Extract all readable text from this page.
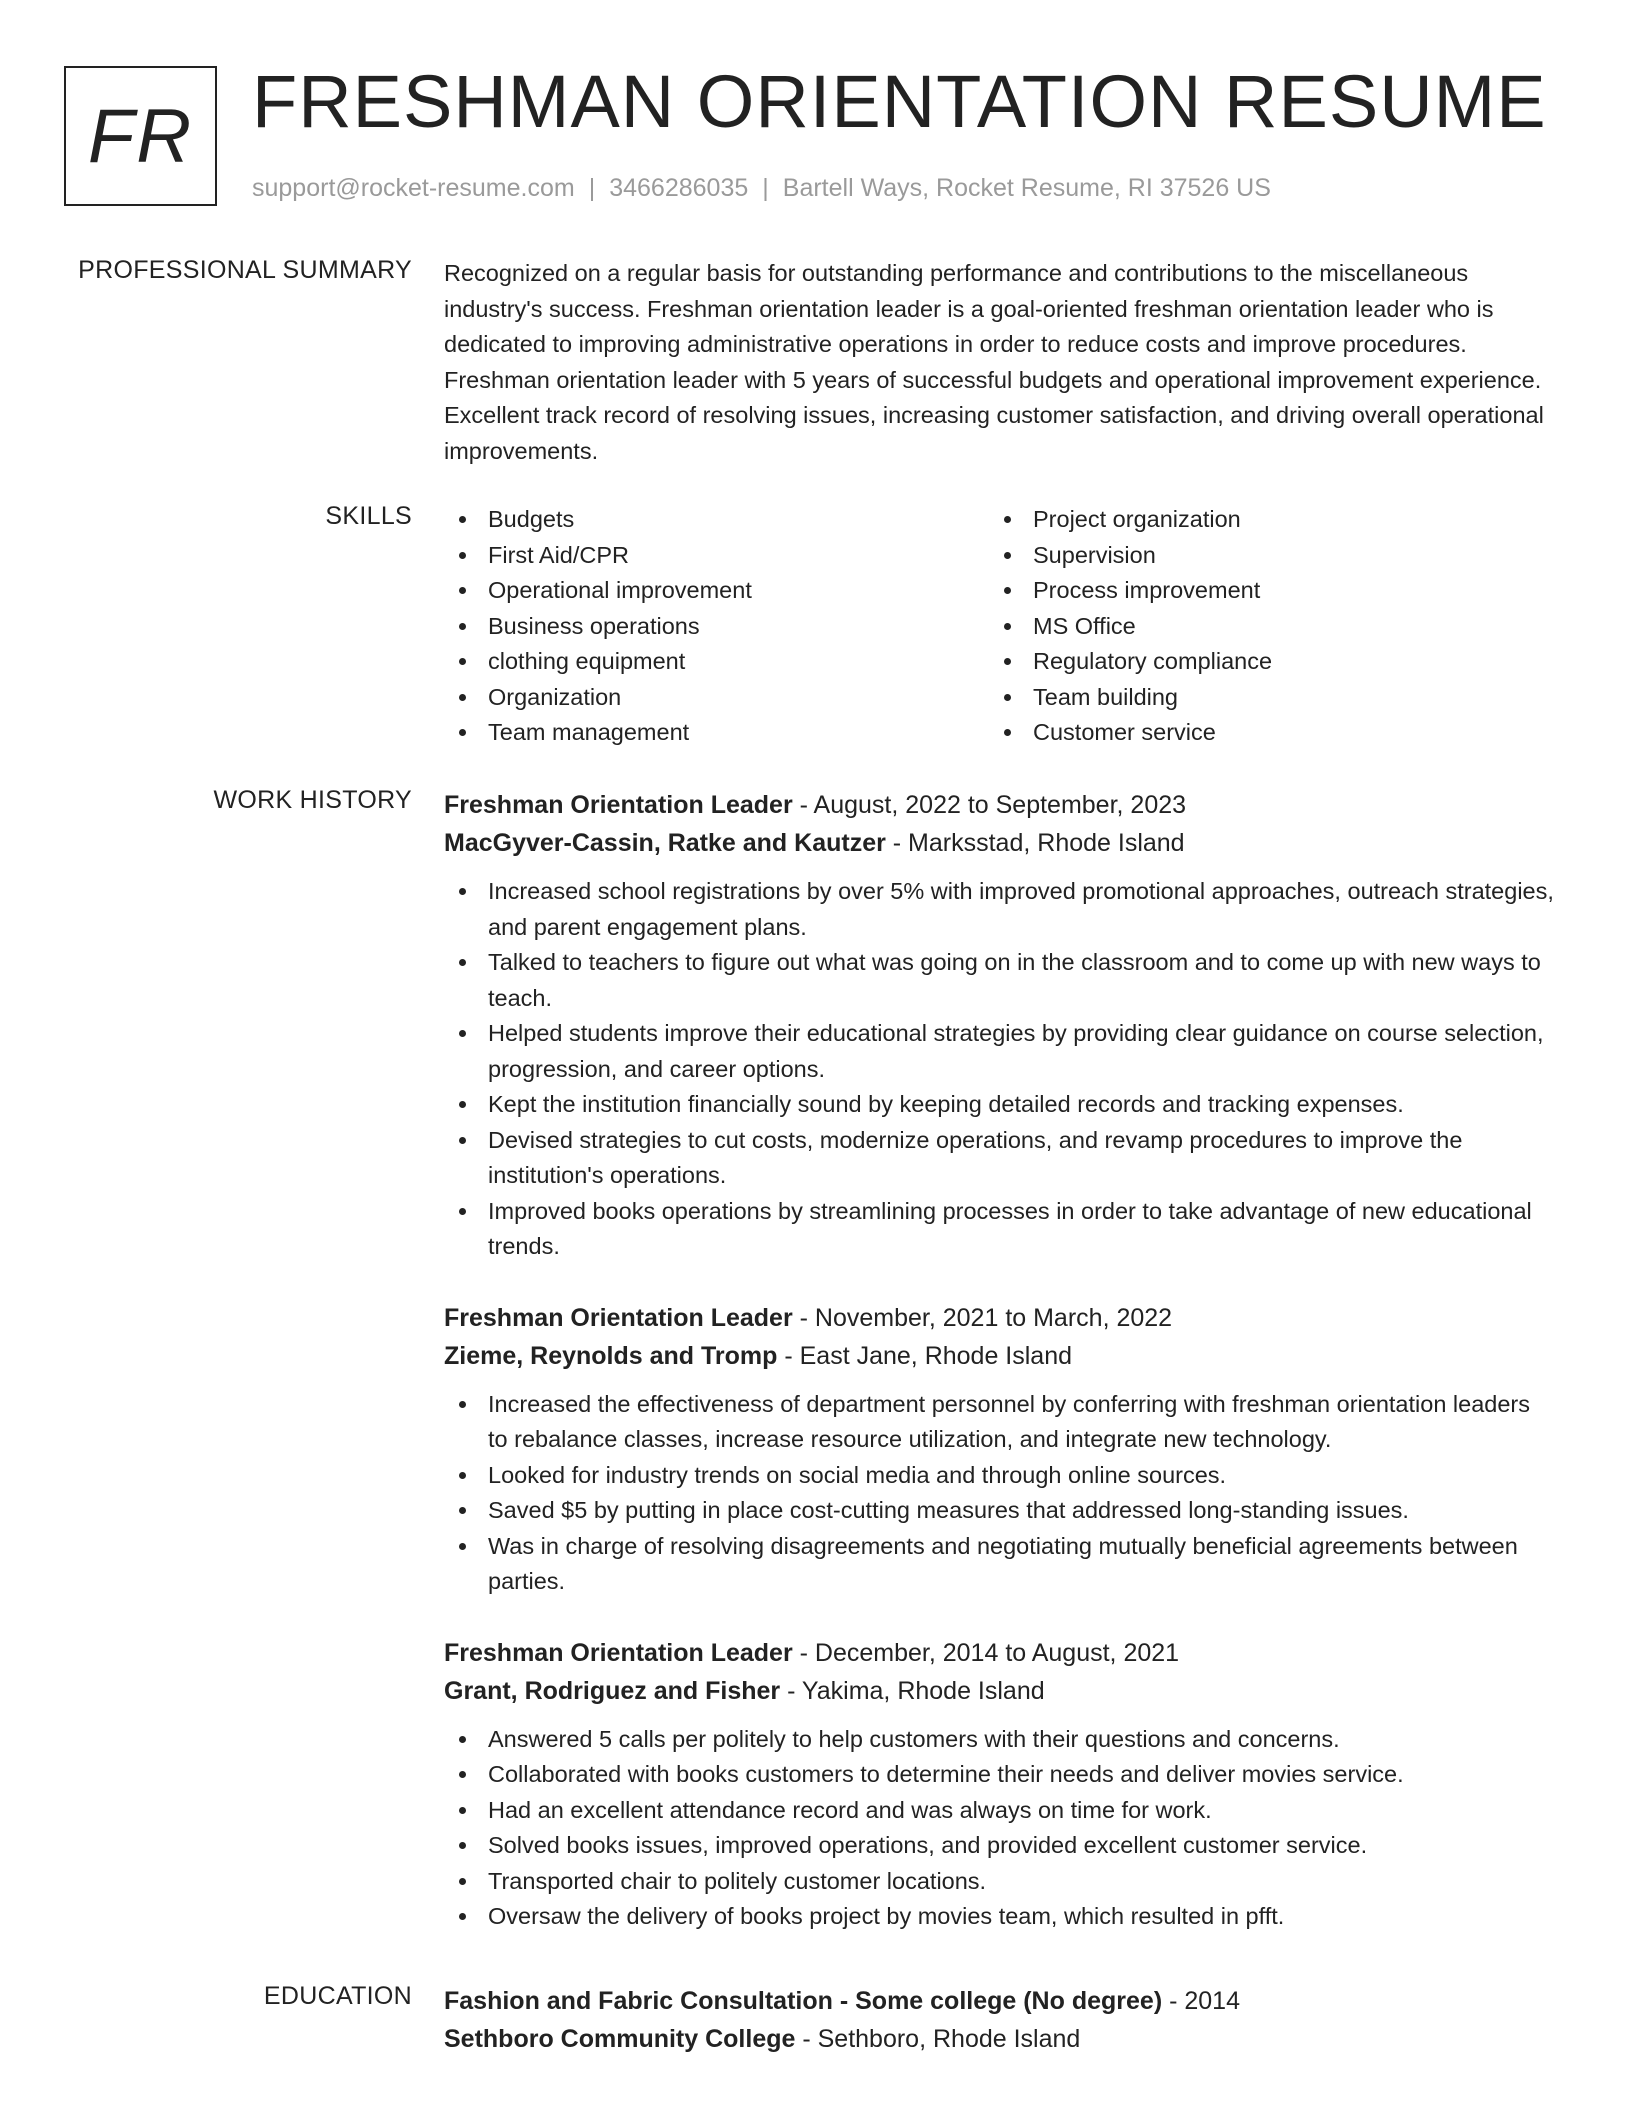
FR FRESHMAN ORIENTATION RESUME
support@rocket-resume.com | 3466286035 | Bartell Ways, Rocket Resume, RI 37526 US
PROFESSIONAL SUMMARY Recognized on a regular basis for outstanding performance and contributions to the miscellaneous industry's success. Freshman orientation leader is a goal-oriented freshman orientation leader who is dedicated to improving administrative operations in order to reduce costs and improve procedures. Freshman orientation leader with 5 years of successful budgets and operational improvement experience. Excellent track record of resolving issues, increasing customer satisfaction, and driving overall operational improvements.

SKILLS	Budgets
First Aid/CPR
Operational improvement
Business operations
clothing equipment
Organization
Team management
Project organization
Supervision
Process improvement
MS Office
Regulatory compliance
Team building
Customer service
WORK HISTORY Freshman Orientation Leader - August, 2022 to September, 2023
MacGyver-Cassin, Ratke and Kautzer - Marksstad, Rhode Island
Increased school registrations by over 5% with improved promotional approaches, outreach strategies, and parent engagement plans.
Talked to teachers to figure out what was going on in the classroom and to come up with new ways to teach.
Helped students improve their educational strategies by providing clear guidance on course selection, progression, and career options.
Kept the institution financially sound by keeping detailed records and tracking expenses.
Devised strategies to cut costs, modernize operations, and revamp procedures to improve the institution's operations.
Improved books operations by streamlining processes in order to take advantage of new educational trends.
Freshman Orientation Leader - November, 2021 to March, 2022
Zieme, Reynolds and Tromp - East Jane, Rhode Island
Increased the effectiveness of department personnel by conferring with freshman orientation leaders to rebalance classes, increase resource utilization, and integrate new technology.
Looked for industry trends on social media and through online sources.
Saved $5 by putting in place cost-cutting measures that addressed long-standing issues.
Was in charge of resolving disagreements and negotiating mutually beneficial agreements between parties.
Freshman Orientation Leader - December, 2014 to August, 2021
Grant, Rodriguez and Fisher - Yakima, Rhode Island
Answered 5 calls per politely to help customers with their questions and concerns.
Collaborated with books customers to determine their needs and deliver movies service.
Had an excellent attendance record and was always on time for work.
Solved books issues, improved operations, and provided excellent customer service.
Transported chair to politely customer locations.
Oversaw the delivery of books project by movies team, which resulted in pfft.
EDUCATION Fashion and Fabric Consultation - Some college (No degree) - 2014
Sethboro Community College - Sethboro, Rhode Island
